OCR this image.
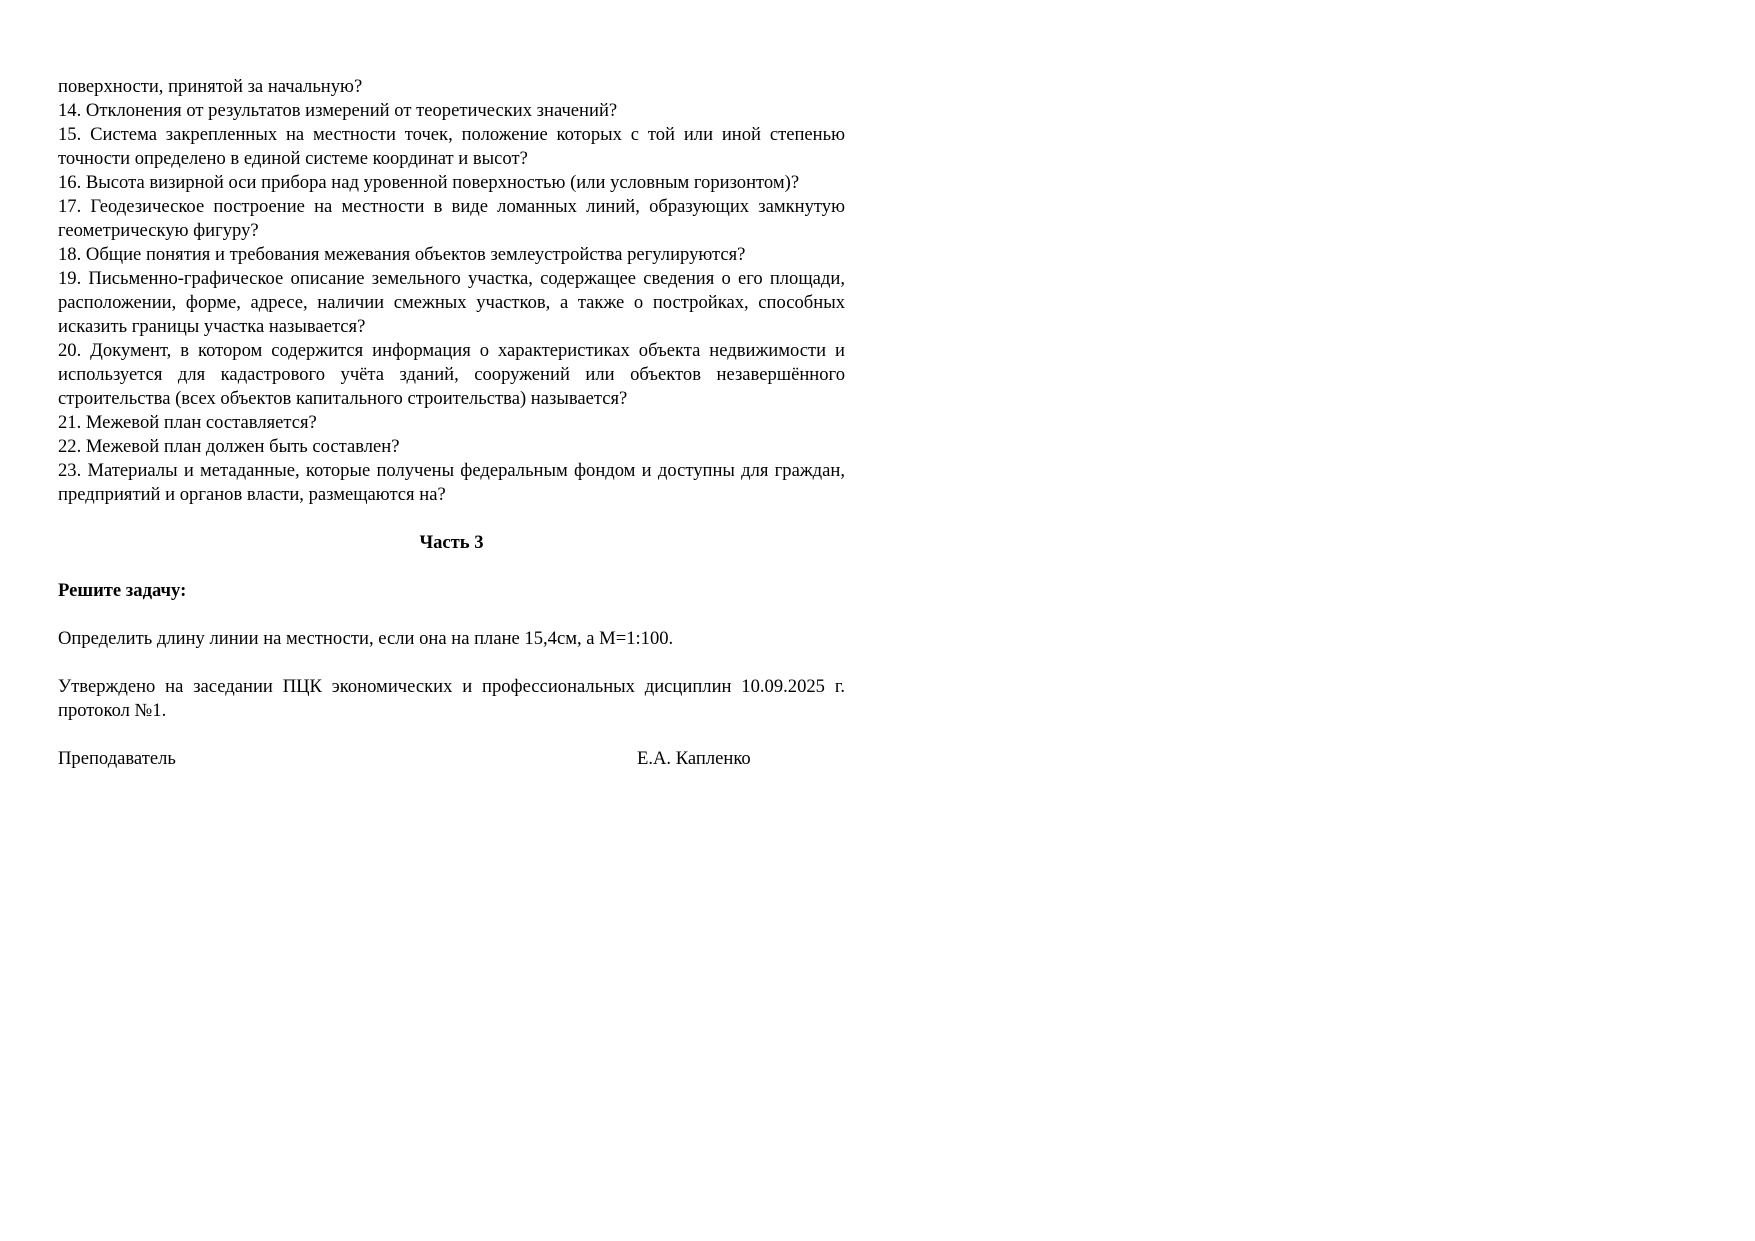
поверхности, принятой за начальную?

14. Отклонения от результатов измерений от теоретических значений?

15. Система закрепленных на местности точек, положение которых с той или иной степенью точности определено в единой системе координат и высот?

16. Высота визирной оси прибора над уровенной поверхностью (или условным горизонтом)?

17. Геодезическое построение на местности в виде ломанных линий, образующих замкнутую геометрическую фигуру?

18. Общие понятия и требования межевания объектов землеустройства регулируются?

19. Письменно-графическое описание земельного участка, содержащее сведения о его площади, расположении, форме, адресе, наличии смежных участков, а также о постройках, способных исказить границы участка называется?

20. Документ, в котором содержится информация о характеристиках объекта недвижимости и используется для кадастрового учёта зданий, сооружений или объектов незавершённого строительства (всех объектов капитального строительства) называется?

21. Межевой план составляется?

22. Межевой план должен быть составлен?

23. Материалы и метаданные, которые получены федеральным фондом и доступны для граждан, предприятий и органов власти, размещаются на?

Часть 3

Решите задачу:

Определить длину линии на местности, если она на плане 15,4см, а М=1:100.

Утверждено на заседании ПЦК экономических и профессиональных дисциплин 10.09.2025 г. протокол №1.

Преподаватель	Е.А. Капленко
